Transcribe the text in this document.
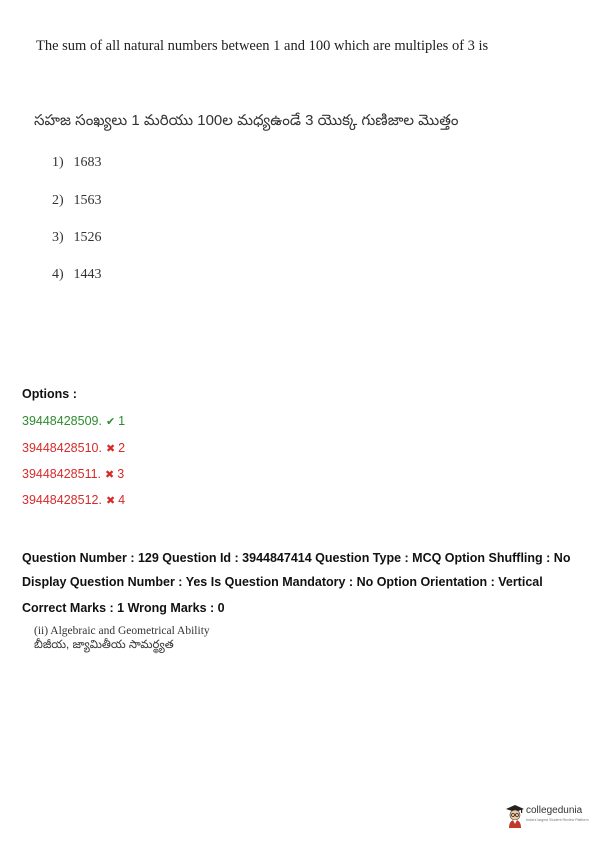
The sum of all natural numbers between 1 and 100 which are multiples of 3 is
సహజ సంఖ్యలు 1 మరియు 100ల మధ్యఉండే 3 యొక్క గుణిజాల మొత్తం
1) 1683
2) 1563
3) 1526
4) 1443
Options :
39448428509. ✔ 1
39448428510. ✖ 2
39448428511. ✖ 3
39448428512. ✖ 4
Question Number : 129 Question Id : 3944847414 Question Type : MCQ Option Shuffling : No
Display Question Number : Yes Is Question Mandatory : No Option Orientation : Vertical
Correct Marks : 1 Wrong Marks : 0
(ii) Algebraic and Geometrical Ability
బీజీయ, జ్యామితీయ సామర్థ్యత
collegedunia
India's largest Student Review Platform
